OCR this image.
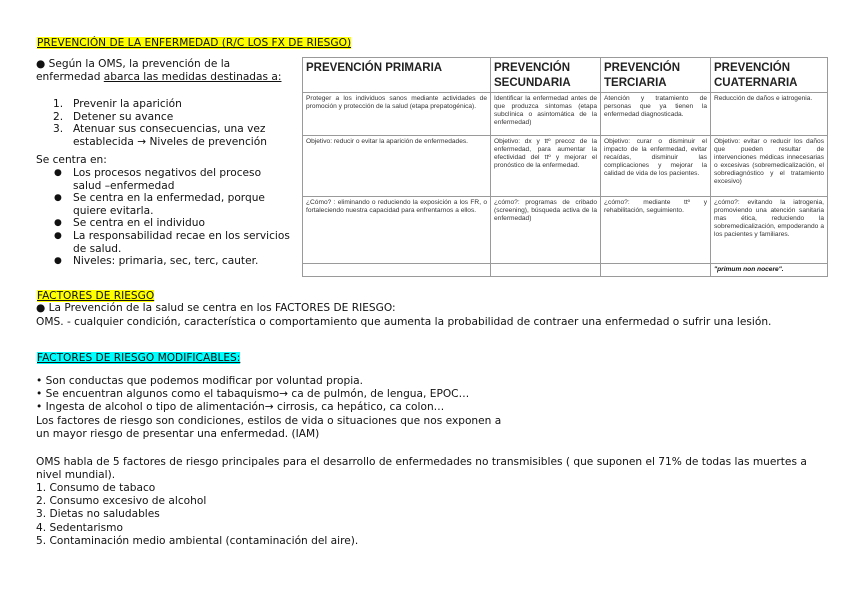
PREVENCIÓN DE LA ENFERMEDAD (R/C LOS FX DE RIESGO)
● Según la OMS, la prevención de la enfermedad abarca las medidas destinadas a:
1. Prevenir la aparición
2. Detener su avance
3. Atenuar sus consecuencias, una vez establecida → Niveles de prevención
Se centra en:
● Los procesos negativos del proceso salud –enfermedad
● Se centra en la enfermedad, porque quiere evitarla.
● Se centra en el individuo
● La responsabilidad recae en los servicios de salud.
● Niveles: primaria, sec, terc, cauter.
PREVENCIÓN PRIMARIA	PREVENCIÓN SECUNDARIA	PREVENCIÓN TERCIARIA	PREVENCIÓN CUATERNARIA
Proteger a los individuos sanos mediante actividades de promoción y protección de la salud (etapa prepatogénica).	Identificar la enfermedad antes de que produzca síntomas (etapa subclínica o asintomática de la enfermedad)	Atención y tratamiento de personas que ya tienen la enfermedad diagnosticada.	Reducción de daños e iatrogenia.
Objetivo: reducir o evitar la aparición de enfermedades.	Objetivo: dx y ttº precoz de la enfermedad, para aumentar la efectividad del ttº y mejorar el pronóstico de la enfermedad.	Objetivo: curar o disminuir el impacto de la enfermedad, evitar recaídas, disminuir las complicaciones y mejorar la calidad de vida de los pacientes.	Objetivo: evitar o reducir los daños que pueden resultar de intervenciones médicas innecesarias o excesivas (sobremedicalización, el sobrediagnóstico y el tratamiento excesivo)
¿Cómo? : eliminando o reduciendo la exposición a los FR, o fortaleciendo nuestra capacidad para enfrentarnos a ellos.	¿cómo?: programas de cribado (screening), búsqueda activa de la enfermedad)	¿cómo?: mediante ttº y rehabilitación, seguimiento.	¿cómo?: evitando la iatrogenia, promoviendo una atención sanitaria mas ética, reduciendo la sobremedicalización, empoderando a los pacientes y familiares.
			"primum non nocere".
FACTORES DE RIESGO
● La Prevención de la salud se centra en los FACTORES DE RIESGO:
OMS. - cualquier condición, característica o comportamiento que aumenta la probabilidad de contraer una enfermedad o sufrir una lesión.
FACTORES DE RIESGO MODIFICABLES:
• Son conductas que podemos modificar por voluntad propia.
• Se encuentran algunos como el tabaquismo→ ca de pulmón, de lengua, EPOC…
• Ingesta de alcohol o tipo de alimentación→ cirrosis, ca hepático, ca colon…
Los factores de riesgo son condiciones, estilos de vida o situaciones que nos exponen a
un mayor riesgo de presentar una enfermedad. (IAM)
OMS habla de 5 factores de riesgo principales para el desarrollo de enfermedades no transmisibles ( que suponen el 71% de todas las muertes a nivel mundial).
1. Consumo de tabaco
2. Consumo excesivo de alcohol
3. Dietas no saludables
4. Sedentarismo
5. Contaminación medio ambiental (contaminación del aire).
